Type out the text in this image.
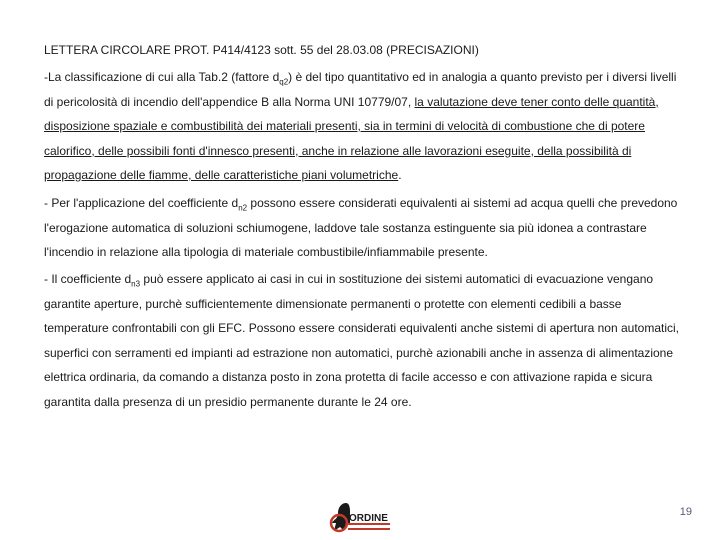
LETTERA CIRCOLARE PROT. P414/4123 sott. 55 del 28.03.08 (PRECISAZIONI)

-La classificazione di cui alla Tab.2 (fattore $d_{q2}$) è del tipo quantitativo ed in analogia a quanto previsto per i diversi livelli di pericolosità di incendio dell'appendice B alla Norma UNI 10779/07, la valutazione deve tener conto delle quantità, disposizione spaziale e combustibilità dei materiali presenti, sia in termini di velocità di combustione che di potere calorifico, delle possibili fonti d'innesco presenti, anche in relazione alle lavorazioni eseguite, della possibilità di propagazione delle fiamme, delle caratteristiche piani volumetriche.

- Per l'applicazione del coefficiente $d_{n2}$ possono essere considerati equivalenti ai sistemi ad acqua quelli che prevedono l'erogazione automatica di soluzioni schiumogene, laddove tale sostanza estinguente sia più idonea a contrastare l'incendio in relazione alla tipologia di materiale combustibile/infiammabile presente.

- Il coefficiente $d_{n3}$ può essere applicato ai casi in cui in sostituzione dei sistemi automatici di evacuazione vengano garantite aperture, purchè sufficientemente dimensionate permanenti o protette con elementi cedibili a basse temperature confrontabili con gli EFC. Possono essere considerati equivalenti anche sistemi di apertura non automatici, superfici con serramenti ed impianti ad estrazione non automatici, purchè azionabili anche in assenza di alimentazione elettrica ordinaria, da comando a distanza posto in zona protetta di facile accesso e con attivazione rapida e sicura garantita dalla presenza di un presidio permanente durante le 24 ore.

ORDINE
19
